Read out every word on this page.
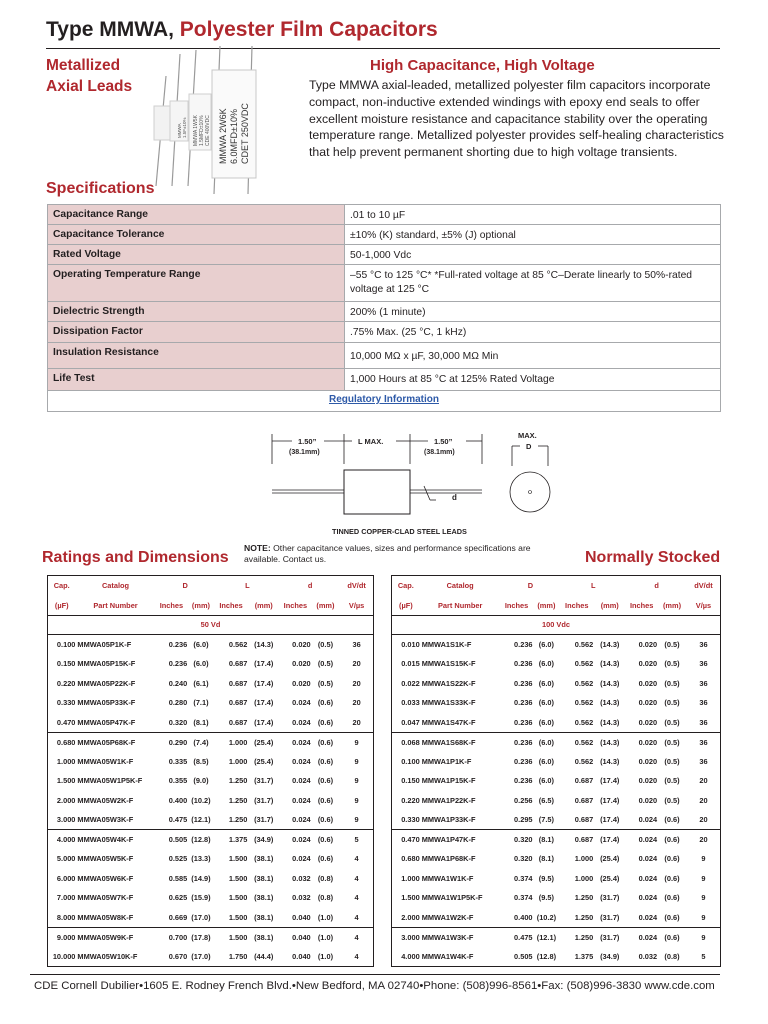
Type MMWA, Polyester Film Capacitors
Metallized
Axial Leads
MMWA 1.5F±10% MMWA 1W5K 1.5MFD±10% CDE 400VDC MMWA 2W6K 6.0MFD±10% CDET 250VDC
High Capacitance, High Voltage
Type MMWA axial-leaded, metallized polyester film capacitors incorporate compact, non-inductive extended windings with epoxy end seals to offer excellent moisture resistance and capacitance stability over the operating temperature range. Metallized polyester provides self-healing characteristics that help prevent permanent shorting due to high voltage transients.
Specifications
Capacitance Range	.01 to 10 µF
Capacitance Tolerance	±10% (K) standard, ±5% (J) optional
Rated Voltage	50-1,000 Vdc
Operating Temperature Range	–55 °C to 125 °C* *Full-rated voltage at 85 °C–Derate linearly to 50%-rated voltage at 125 °C
Dielectric Strength	200% (1 minute)
Dissipation Factor	.75% Max. (25 °C, 1 kHz)
Insulation Resistance	10,000 MΩ x µF, 30,000 MΩ Min
Life Test	1,000 Hours at 85 °C at 125% Rated Voltage
Regulatory Information	
1.50”
(38.1mm)
L MAX.	1.50”
(38.1mm)
d
MAX.
D
TINNED COPPER-CLAD STEEL LEADS
Ratings and Dimensions
NOTE: Other capacitance values, sizes and performance specifications are available. Contact us.	Normally Stocked
Cap.	Catalog	D		L		d		dV/dt
(µF)	Part Number	Inches	(mm)	Inches	(mm)	Inches	(mm)	V/µs
50 Vd								
0.100	MMWA05P1K-F	0.236	(6.0)	0.562	(14.3)	0.020	(0.5)	36
0.150	MMWA05P15K-F	0.236	(6.0)	0.687	(17.4)	0.020	(0.5)	20
0.220	MMWA05P22K-F	0.240	(6.1)	0.687	(17.4)	0.020	(0.5)	20
0.330	MMWA05P33K-F	0.280	(7.1)	0.687	(17.4)	0.024	(0.6)	20
0.470	MMWA05P47K-F	0.320	(8.1)	0.687	(17.4)	0.024	(0.6)	20
0.680	MMWA05P68K-F	0.290	(7.4)	1.000	(25.4)	0.024	(0.6)	9
1.000	MMWA05W1K-F	0.335	(8.5)	1.000	(25.4)	0.024	(0.6)	9
1.500	MMWA05W1P5K-F	0.355	(9.0)	1.250	(31.7)	0.024	(0.6)	9
2.000	MMWA05W2K-F	0.400	(10.2)	1.250	(31.7)	0.024	(0.6)	9
3.000	MMWA05W3K-F	0.475	(12.1)	1.250	(31.7)	0.024	(0.6)	9
4.000	MMWA05W4K-F	0.505	(12.8)	1.375	(34.9)	0.024	(0.6)	5
5.000	MMWA05W5K-F	0.525	(13.3)	1.500	(38.1)	0.024	(0.6)	4
6.000	MMWA05W6K-F	0.585	(14.9)	1.500	(38.1)	0.032	(0.8)	4
7.000	MMWA05W7K-F	0.625	(15.9)	1.500	(38.1)	0.032	(0.8)	4
8.000	MMWA05W8K-F	0.669	(17.0)	1.500	(38.1)	0.040	(1.0)	4
9.000	MMWA05W9K-F	0.700	(17.8)	1.500	(38.1)	0.040	(1.0)	4
10.000	MMWA05W10K-F	0.670	(17.0)	1.750	(44.4)	0.040	(1.0)	4
Cap.	Catalog	D		L		d		dV/dt
(µF)	Part Number	Inches	(mm)	Inches	(mm)	Inches	(mm)	V/µs
100 Vdc								
0.010	MMWA1S1K-F	0.236	(6.0)	0.562	(14.3)	0.020	(0.5)	36
0.015	MMWA1S15K-F	0.236	(6.0)	0.562	(14.3)	0.020	(0.5)	36
0.022	MMWA1S22K-F	0.236	(6.0)	0.562	(14.3)	0.020	(0.5)	36
0.033	MMWA1S33K-F	0.236	(6.0)	0.562	(14.3)	0.020	(0.5)	36
0.047	MMWA1S47K-F	0.236	(6.0)	0.562	(14.3)	0.020	(0.5)	36
0.068	MMWA1S68K-F	0.236	(6.0)	0.562	(14.3)	0.020	(0.5)	36
0.100	MMWA1P1K-F	0.236	(6.0)	0.562	(14.3)	0.020	(0.5)	36
0.150	MMWA1P15K-F	0.236	(6.0)	0.687	(17.4)	0.020	(0.5)	20
0.220	MMWA1P22K-F	0.256	(6.5)	0.687	(17.4)	0.020	(0.5)	20
0.330	MMWA1P33K-F	0.295	(7.5)	0.687	(17.4)	0.024	(0.6)	20
0.470	MMWA1P47K-F	0.320	(8.1)	0.687	(17.4)	0.024	(0.6)	20
0.680	MMWA1P68K-F	0.320	(8.1)	1.000	(25.4)	0.024	(0.6)	9
1.000	MMWA1W1K-F	0.374	(9.5)	1.000	(25.4)	0.024	(0.6)	9
1.500	MMWA1W1P5K-F	0.374	(9.5)	1.250	(31.7)	0.024	(0.6)	9
2.000	MMWA1W2K-F	0.400	(10.2)	1.250	(31.7)	0.024	(0.6)	9
3.000	MMWA1W3K-F	0.475	(12.1)	1.250	(31.7)	0.024	(0.6)	9
4.000	MMWA1W4K-F	0.505	(12.8)	1.375	(34.9)	0.032	(0.8)	5
CDE Cornell Dubilier•1605 E. Rodney French Blvd.•New Bedford, MA 02740•Phone: (508)996-8561•Fax: (508)996-3830 www.cde.com
